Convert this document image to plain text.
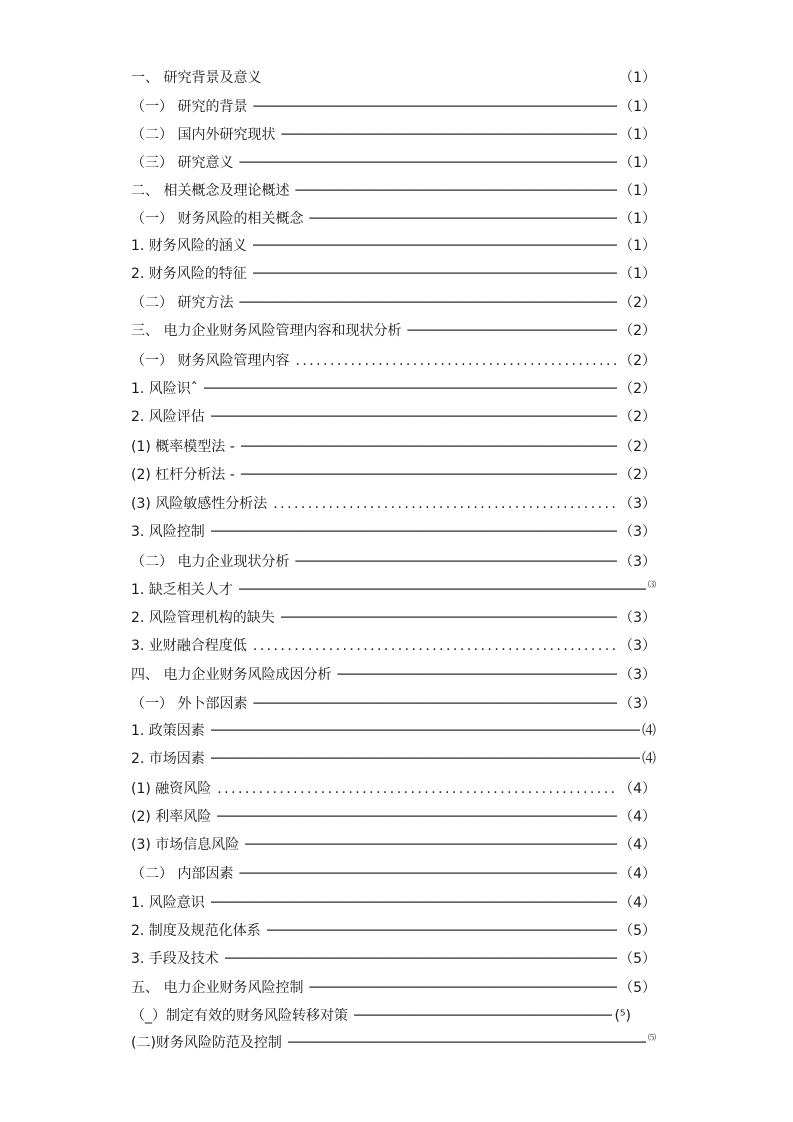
一、 研究背景及意义	（1）
（一） 研究的背景 ────────────────────────────────────────────────────────────────────────────	（1）
（二） 国内外研究现状 ────────────────────────────────────────────────────────────────────────────	（1）
（三） 研究意义 ────────────────────────────────────────────────────────────────────────────	（1）
二、 相关概念及理论概述 ────────────────────────────────────────────────────────────────────────────	（1）
（一） 财务风险的相关概念 ────────────────────────────────────────────────────────────────────────────	（1）
1. 财务风险的涵义 ────────────────────────────────────────────────────────────────────────────	（1）
2. 财务风险的特征 ────────────────────────────────────────────────────────────────────────────	（1）
（二） 研究方法 ────────────────────────────────────────────────────────────────────────────	（2）
三、 电力企业财务风险管理内容和现状分析 ────────────────────────────────────────────────────────────────────────────	（2）
（一） 财务风险管理内容 . . .	（2）
1. 风险识ˆ ────────────────────────────────────────────────────────────────────────────	（2）
2. 风险评估 ────────────────────────────────────────────────────────────────────────────	（2）
(1) 概率模型法 - ────────────────────────────────────────────────────────────────────────────	（2）
(2) 杠杆分析法 - ────────────────────────────────────────────────────────────────────────────	（2）
(3) 风险敏感性分析法 . . .	（3）
3. 风险控制 ────────────────────────────────────────────────────────────────────────────	（3）
（二） 电力企业现状分析 ────────────────────────────────────────────────────────────────────────────	（3）
1. 缺乏相关人才 ────────────────────────────────────────────────────────────────────────────	⑶
2. 风险管理机构的缺失 ────────────────────────────────────────────────────────────────────────────	（3）
3. 业财融合程度低 . . .	（3）
四、 电力企业财务风险成因分析 ────────────────────────────────────────────────────────────────────────────	（3）
（一） 外卜部因素 ────────────────────────────────────────────────────────────────────────────	（3）
1. 政策因素 ────────────────────────────────────────────────────────────────────────────	⑷
2. 市场因素 ────────────────────────────────────────────────────────────────────────────	⑷
(1) 融资风险 . . .	（4）
(2) 利率风险 ────────────────────────────────────────────────────────────────────────────	（4）
(3) 市场信息风险 ────────────────────────────────────────────────────────────────────────────	（4）
（二） 内部因素 ────────────────────────────────────────────────────────────────────────────	（4）
1. 风险意识 ────────────────────────────────────────────────────────────────────────────	（4）
2. 制度及规范化体系 ────────────────────────────────────────────────────────────────────────────	（5）
3. 手段及技术 ────────────────────────────────────────────────────────────────────────────	（5）
五、 电力企业财务风险控制 ────────────────────────────────────────────────────────────────────────────	（5）
（_）制定有效的财务风险转移对策 ────────────────────────────────────────────────────────────────────────────	(⁵)
(二)财务风险防范及控制 ────────────────────────────────────────────────────────────────────────────	⑸
